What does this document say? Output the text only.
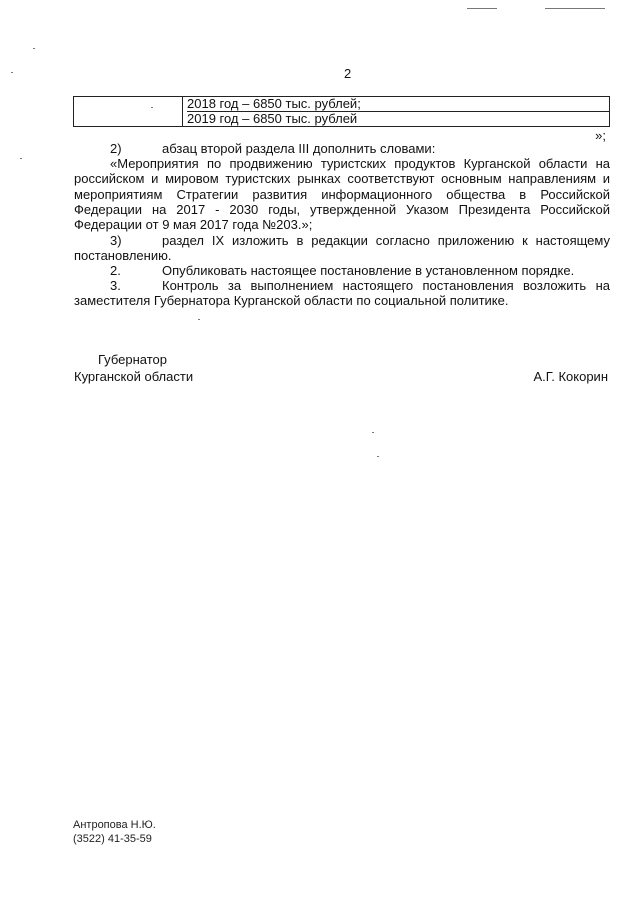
2

2018 год – 6850 тыс. рублей;
2019 год – 6850 тыс. рублей
»;

2)	абзац второй раздела III дополнить словами:

«Мероприятия по продвижению туристских продуктов Курганской области на российском и мировом туристских рынках соответствуют основным направлениям и мероприятиям Стратегии развития информационного общества в Российской Федерации на 2017 - 2030 годы, утвержденной Указом Президента Российской Федерации от 9 мая 2017 года №203.»;

3)	раздел IX изложить в редакции согласно приложению к настоящему постановлению.

2.	Опубликовать настоящее постановление в установленном порядке.

3.	Контроль за выполнением настоящего постановления возложить на заместителя Губернатора Курганской области по социальной политике.

Губернатор
Курганской области	А.Г. Кокорин
Антропова Н.Ю.
(3522) 41-35-59
